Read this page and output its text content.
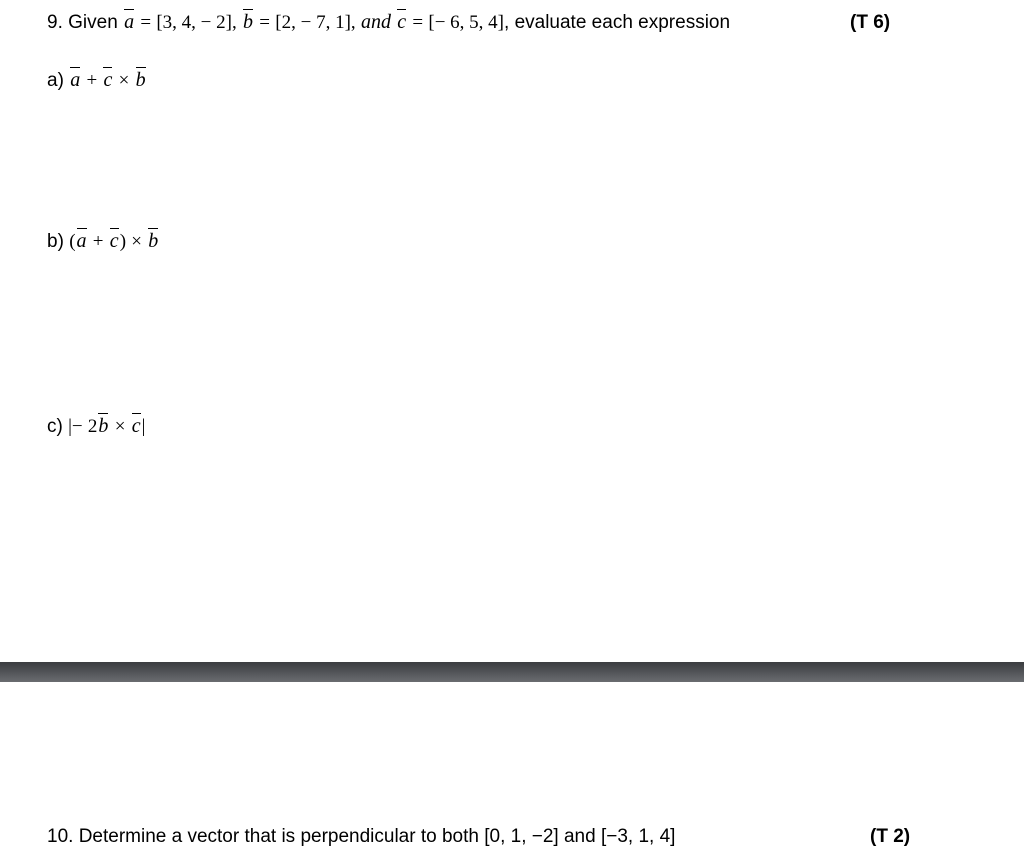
9. Given a = [3, 4, − 2], b = [2, − 7, 1], and c = [− 6, 5, 4], evaluate each expression	(T 6)
a) a + c × b
b) (a + c) × b
c) |− 2b × c|
10. Determine a vector that is perpendicular to both [0, 1, −2] and [−3, 1, 4]	(T 2)
